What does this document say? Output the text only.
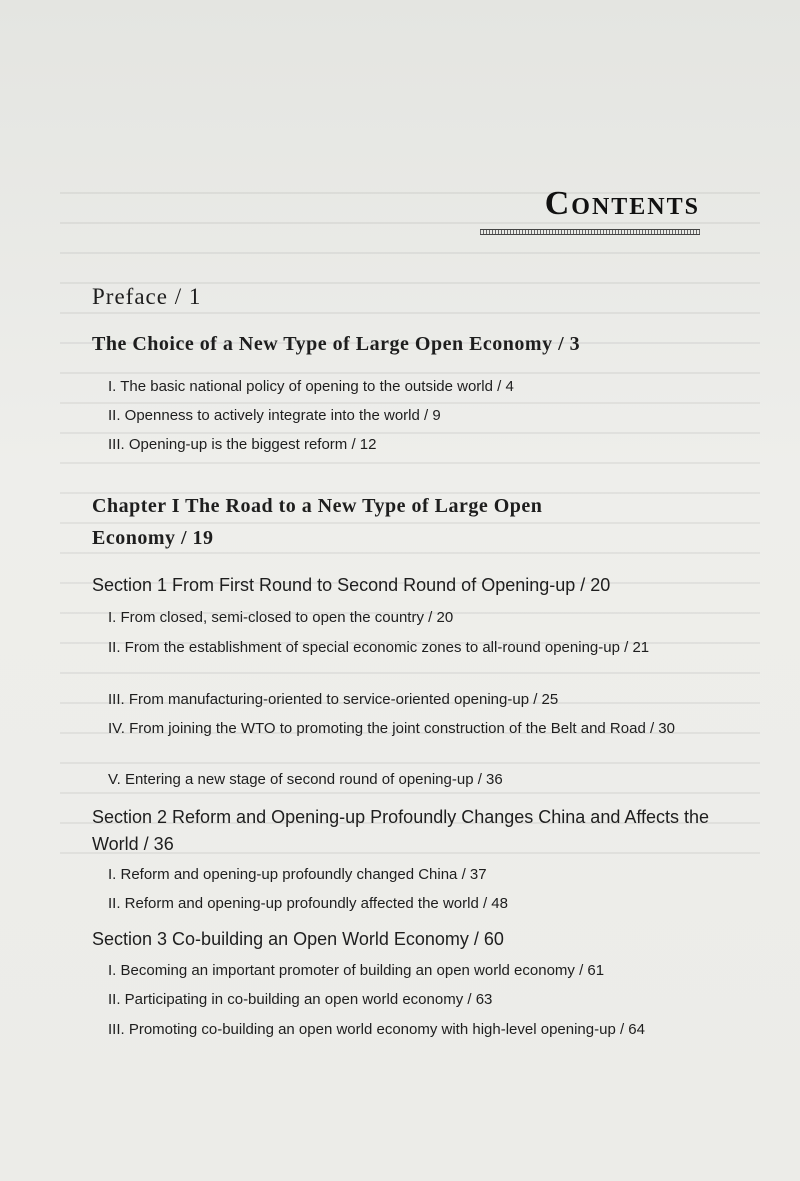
Contents
Preface / 1
The Choice of a New Type of Large Open Economy / 3
I. The basic national policy of opening to the outside world / 4
II. Openness to actively integrate into the world / 9
III. Opening-up is the biggest reform / 12
Chapter I The Road to a New Type of Large Open
Economy / 19
Section 1 From First Round to Second Round of Opening-up / 20
I. From closed, semi-closed to open the country / 20
II. From the establishment of special economic zones to all-round opening-up / 21
III. From manufacturing-oriented to service-oriented opening-up / 25
IV. From joining the WTO to promoting the joint construction of the Belt and Road / 30
V. Entering a new stage of second round of opening-up / 36
Section 2 Reform and Opening-up Profoundly Changes China and Affects the World / 36
I. Reform and opening-up profoundly changed China / 37
II. Reform and opening-up profoundly affected the world / 48
Section 3 Co-building an Open World Economy / 60
I. Becoming an important promoter of building an open world economy / 61
II. Participating in co-building an open world economy / 63
III. Promoting co-building an open world economy with high-level opening-up / 64
